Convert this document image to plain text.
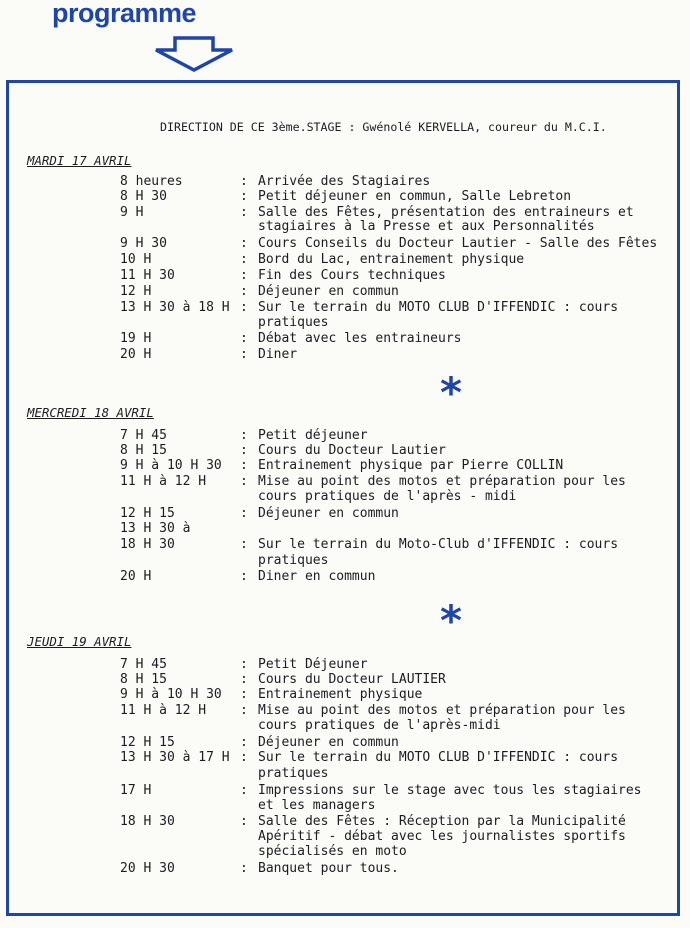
programme
DIRECTION DE CE 3ème.STAGE : Gwénolé KERVELLA, coureur du M.C.I.
MARDI 17 AVRIL
8 heures	: Arrivée des Stagiaires
8 H 30	: Petit déjeuner en commun, Salle Lebreton
9 H	: Salle des Fêtes, présentation des entraineurs et
stagiaires à la Presse et aux Personnalités
9 H 30	: Cours Conseils du Docteur Lautier - Salle des Fêtes
10 H	: Bord du Lac, entrainement physique
11 H 30	: Fin des Cours techniques
12 H	: Déjeuner en commun
13 H 30 à 18 H : Sur le terrain du MOTO CLUB D'IFFENDIC : cours
pratiques
19 H	: Débat avec les entraineurs
20 H	: Diner
*
MERCREDI 18 AVRIL
7 H 45	: Petit déjeuner
8 H 15	: Cours du Docteur Lautier
9 H à 10 H 30 : Entrainement physique par Pierre COLLIN
11 H à 12 H	: Mise au point des motos et préparation pour les
cours pratiques de l'après - midi
12 H 15	: Déjeuner en commun
13 H 30 à
18 H 30	: Sur le terrain du Moto-Club d'IFFENDIC : cours
pratiques
20 H	: Diner en commun
*
JEUDI 19 AVRIL
7 H 45	: Petit Déjeuner
8 H 15	: Cours du Docteur LAUTIER
9 H à 10 H 30 : Entrainement physique
11 H à 12 H	: Mise au point des motos et préparation pour les
cours pratiques de l'après-midi
12 H 15	: Déjeuner en commun
13 H 30 à 17 H : Sur le terrain du MOTO CLUB D'IFFENDIC : cours
pratiques
17 H	: Impressions sur le stage avec tous les stagiaires
et les managers
18 H 30	: Salle des Fêtes : Réception par la Municipalité
Apéritif - débat avec les journalistes sportifs
spécialisés en moto
20 H 30	: Banquet pour tous.
